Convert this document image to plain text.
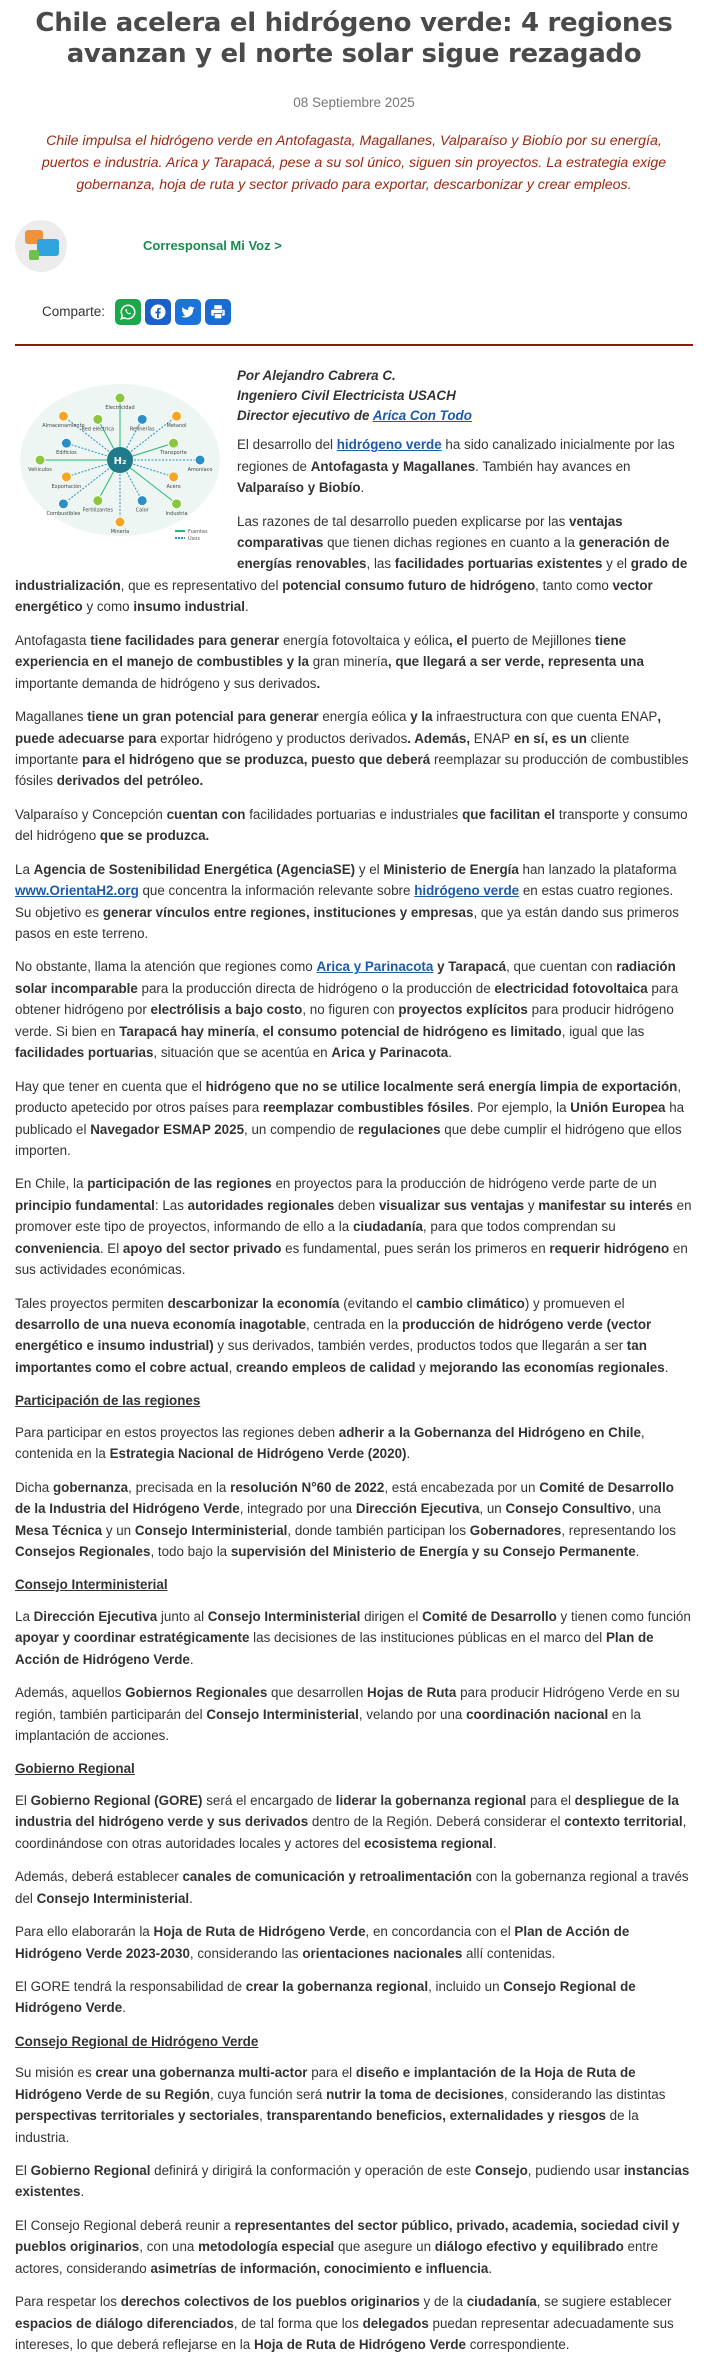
Chile acelera el hidrógeno verde: 4 regiones avanzan y el norte solar sigue rezagado
08 Septiembre 2025
Chile impulsa el hidrógeno verde en Antofagasta, Magallanes, Valparaíso y Biobío por su energía, puertos e industria. Arica y Tarapacá, pese a su sol único, siguen sin proyectos. La estrategia exige gobernanza, hoja de ruta y sector privado para exportar, descarbonizar y crear empleos.
Corresponsal Mi Voz >
Comparte:
Electricidad
Refinerías
Metanol
Transporte
Amoníaco
Acero
Industria
Calor
Minería
Fertilizantes
Combustibles
Exportación
Vehículos
Edificios
Almacenamiento
Red eléctrica
H₂
Fuentes
Usos
Por Alejandro Cabrera C.
Ingeniero Civil Electricista USACH
Director ejecutivo de Arica Con Todo

El desarrollo del hidrógeno verde ha sido canalizado inicialmente por las regiones de Antofagasta y Magallanes. También hay avances en Valparaíso y Biobío.

Las razones de tal desarrollo pueden explicarse por las ventajas comparativas que tienen dichas regiones en cuanto a la generación de energías renovables, las facilidades portuarias existentes y el grado de industrialización, que es representativo del potencial consumo futuro de hidrógeno, tanto como vector energético y como insumo industrial.

Antofagasta tiene facilidades para generar energía fotovoltaica y eólica, el puerto de Mejillones tiene experiencia en el manejo de combustibles y la gran minería, que llegará a ser verde, representa una importante demanda de hidrógeno y sus derivados.

Magallanes tiene un gran potencial para generar energía eólica y la infraestructura con que cuenta ENAP, puede adecuarse para exportar hidrógeno y productos derivados. Además, ENAP en sí, es un cliente importante para el hidrógeno que se produzca, puesto que deberá reemplazar su producción de combustibles fósiles derivados del petróleo.

Valparaíso y Concepción cuentan con facilidades portuarias e industriales que facilitan el transporte y consumo del hidrógeno que se produzca.

La Agencia de Sostenibilidad Energética (AgenciaSE) y el Ministerio de Energía han lanzado la plataforma www.OrientaH2.org que concentra la información relevante sobre hidrógeno verde en estas cuatro regiones. Su objetivo es generar vínculos entre regiones, instituciones y empresas, que ya están dando sus primeros pasos en este terreno.

No obstante, llama la atención que regiones como Arica y Parinacota y Tarapacá, que cuentan con radiación solar incomparable para la producción directa de hidrógeno o la producción de electricidad fotovoltaica para obtener hidrógeno por electrólisis a bajo costo, no figuren con proyectos explícitos para producir hidrógeno verde. Si bien en Tarapacá hay minería, el consumo potencial de hidrógeno es limitado, igual que las facilidades portuarias, situación que se acentúa en Arica y Parinacota.

Hay que tener en cuenta que el hidrógeno que no se utilice localmente será energía limpia de exportación, producto apetecido por otros países para reemplazar combustibles fósiles. Por ejemplo, la Unión Europea ha publicado el Navegador ESMAP 2025, un compendio de regulaciones que debe cumplir el hidrógeno que ellos importen.

En Chile, la participación de las regiones en proyectos para la producción de hidrógeno verde parte de un principio fundamental: Las autoridades regionales deben visualizar sus ventajas y manifestar su interés en promover este tipo de proyectos, informando de ello a la ciudadanía, para que todos comprendan su conveniencia. El apoyo del sector privado es fundamental, pues serán los primeros en requerir hidrógeno en sus actividades económicas.

Tales proyectos permiten descarbonizar la economía (evitando el cambio climático) y promueven el desarrollo de una nueva economía inagotable, centrada en la producción de hidrógeno verde (vector energético e insumo industrial) y sus derivados, también verdes, productos todos que llegarán a ser tan importantes como el cobre actual, creando empleos de calidad y mejorando las economías regionales.

Participación de las regiones

Para participar en estos proyectos las regiones deben adherir a la Gobernanza del Hidrógeno en Chile, contenida en la Estrategia Nacional de Hidrógeno Verde (2020).

Dicha gobernanza, precisada en la resolución N°60 de 2022, está encabezada por un Comité de Desarrollo de la Industria del Hidrógeno Verde, integrado por una Dirección Ejecutiva, un Consejo Consultivo, una Mesa Técnica y un Consejo Interministerial, donde también participan los Gobernadores, representando los Consejos Regionales, todo bajo la supervisión del Ministerio de Energía y su Consejo Permanente.

Consejo Interministerial

La Dirección Ejecutiva junto al Consejo Interministerial dirigen el Comité de Desarrollo y tienen como función apoyar y coordinar estratégicamente las decisiones de las instituciones públicas en el marco del Plan de Acción de Hidrógeno Verde.

Además, aquellos Gobiernos Regionales que desarrollen Hojas de Ruta para producir Hidrógeno Verde en su región, también participarán del Consejo Interministerial, velando por una coordinación nacional en la implantación de acciones.

Gobierno Regional

El Gobierno Regional (GORE) será el encargado de liderar la gobernanza regional para el despliegue de la industria del hidrógeno verde y sus derivados dentro de la Región. Deberá considerar el contexto territorial, coordinándose con otras autoridades locales y actores del ecosistema regional.

Además, deberá establecer canales de comunicación y retroalimentación con la gobernanza regional a través del Consejo Interministerial.

Para ello elaborarán la Hoja de Ruta de Hidrógeno Verde, en concordancia con el Plan de Acción de Hidrógeno Verde 2023-2030, considerando las orientaciones nacionales allí contenidas.

El GORE tendrá la responsabilidad de crear la gobernanza regional, incluido un Consejo Regional de Hidrógeno Verde.

Consejo Regional de Hidrógeno Verde

Su misión es crear una gobernanza multi-actor para el diseño e implantación de la Hoja de Ruta de Hidrógeno Verde de su Región, cuya función será nutrir la toma de decisiones, considerando las distintas perspectivas territoriales y sectoriales, transparentando beneficios, externalidades y riesgos de la industria.

El Gobierno Regional definirá y dirigirá la conformación y operación de este Consejo, pudiendo usar instancias existentes.

El Consejo Regional deberá reunir a representantes del sector público, privado, academia, sociedad civil y pueblos originarios, con una metodología especial que asegure un diálogo efectivo y equilibrado entre actores, considerando asimetrías de información, conocimiento e influencia.

Para respetar los derechos colectivos de los pueblos originarios y de la ciudadanía, se sugiere establecer espacios de diálogo diferenciados, de tal forma que los delegados puedan representar adecuadamente sus intereses, lo que deberá reflejarse en la Hoja de Ruta de Hidrógeno Verde correspondiente.
